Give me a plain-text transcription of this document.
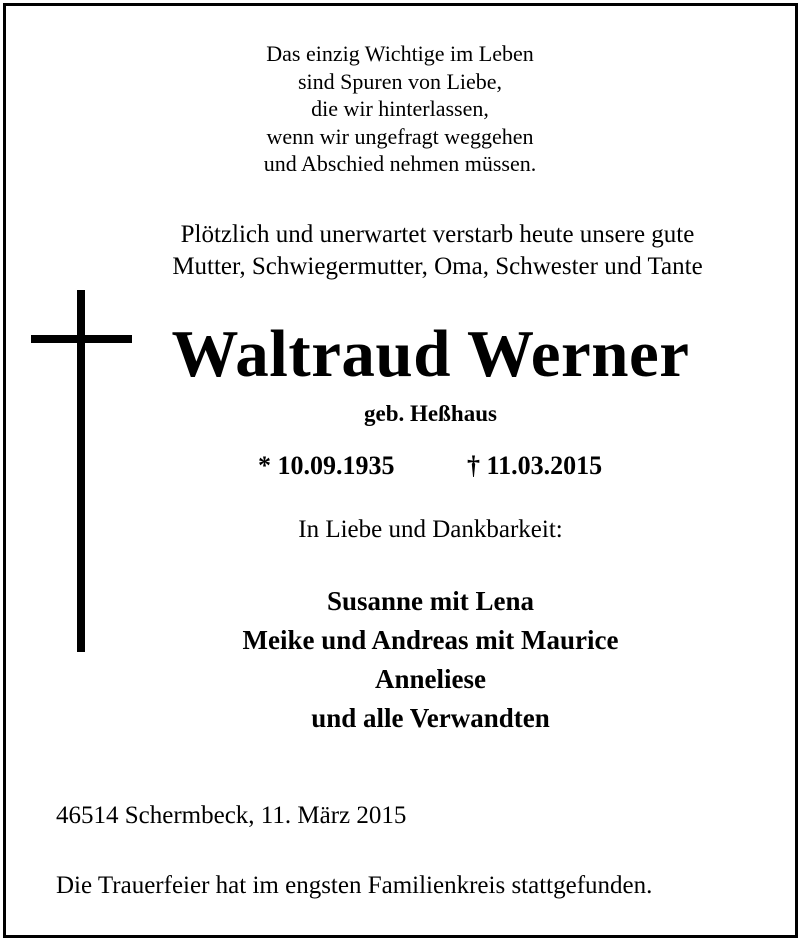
Das einzig Wichtige im Leben
sind Spuren von Liebe,
die wir hinterlassen,
wenn wir ungefragt weggehen
und Abschied nehmen müssen.
Plötzlich und unerwartet verstarb heute unsere gute
Mutter, Schwiegermutter, Oma, Schwester und Tante
Waltraud Werner
geb. Heßhaus
* 10.09.1935	† 11.03.2015
In Liebe und Dankbarkeit:
Susanne mit Lena
Meike und Andreas mit Maurice
Anneliese
und alle Verwandten
46514 Schermbeck, 11. März 2015
Die Trauerfeier hat im engsten Familienkreis stattgefunden.
